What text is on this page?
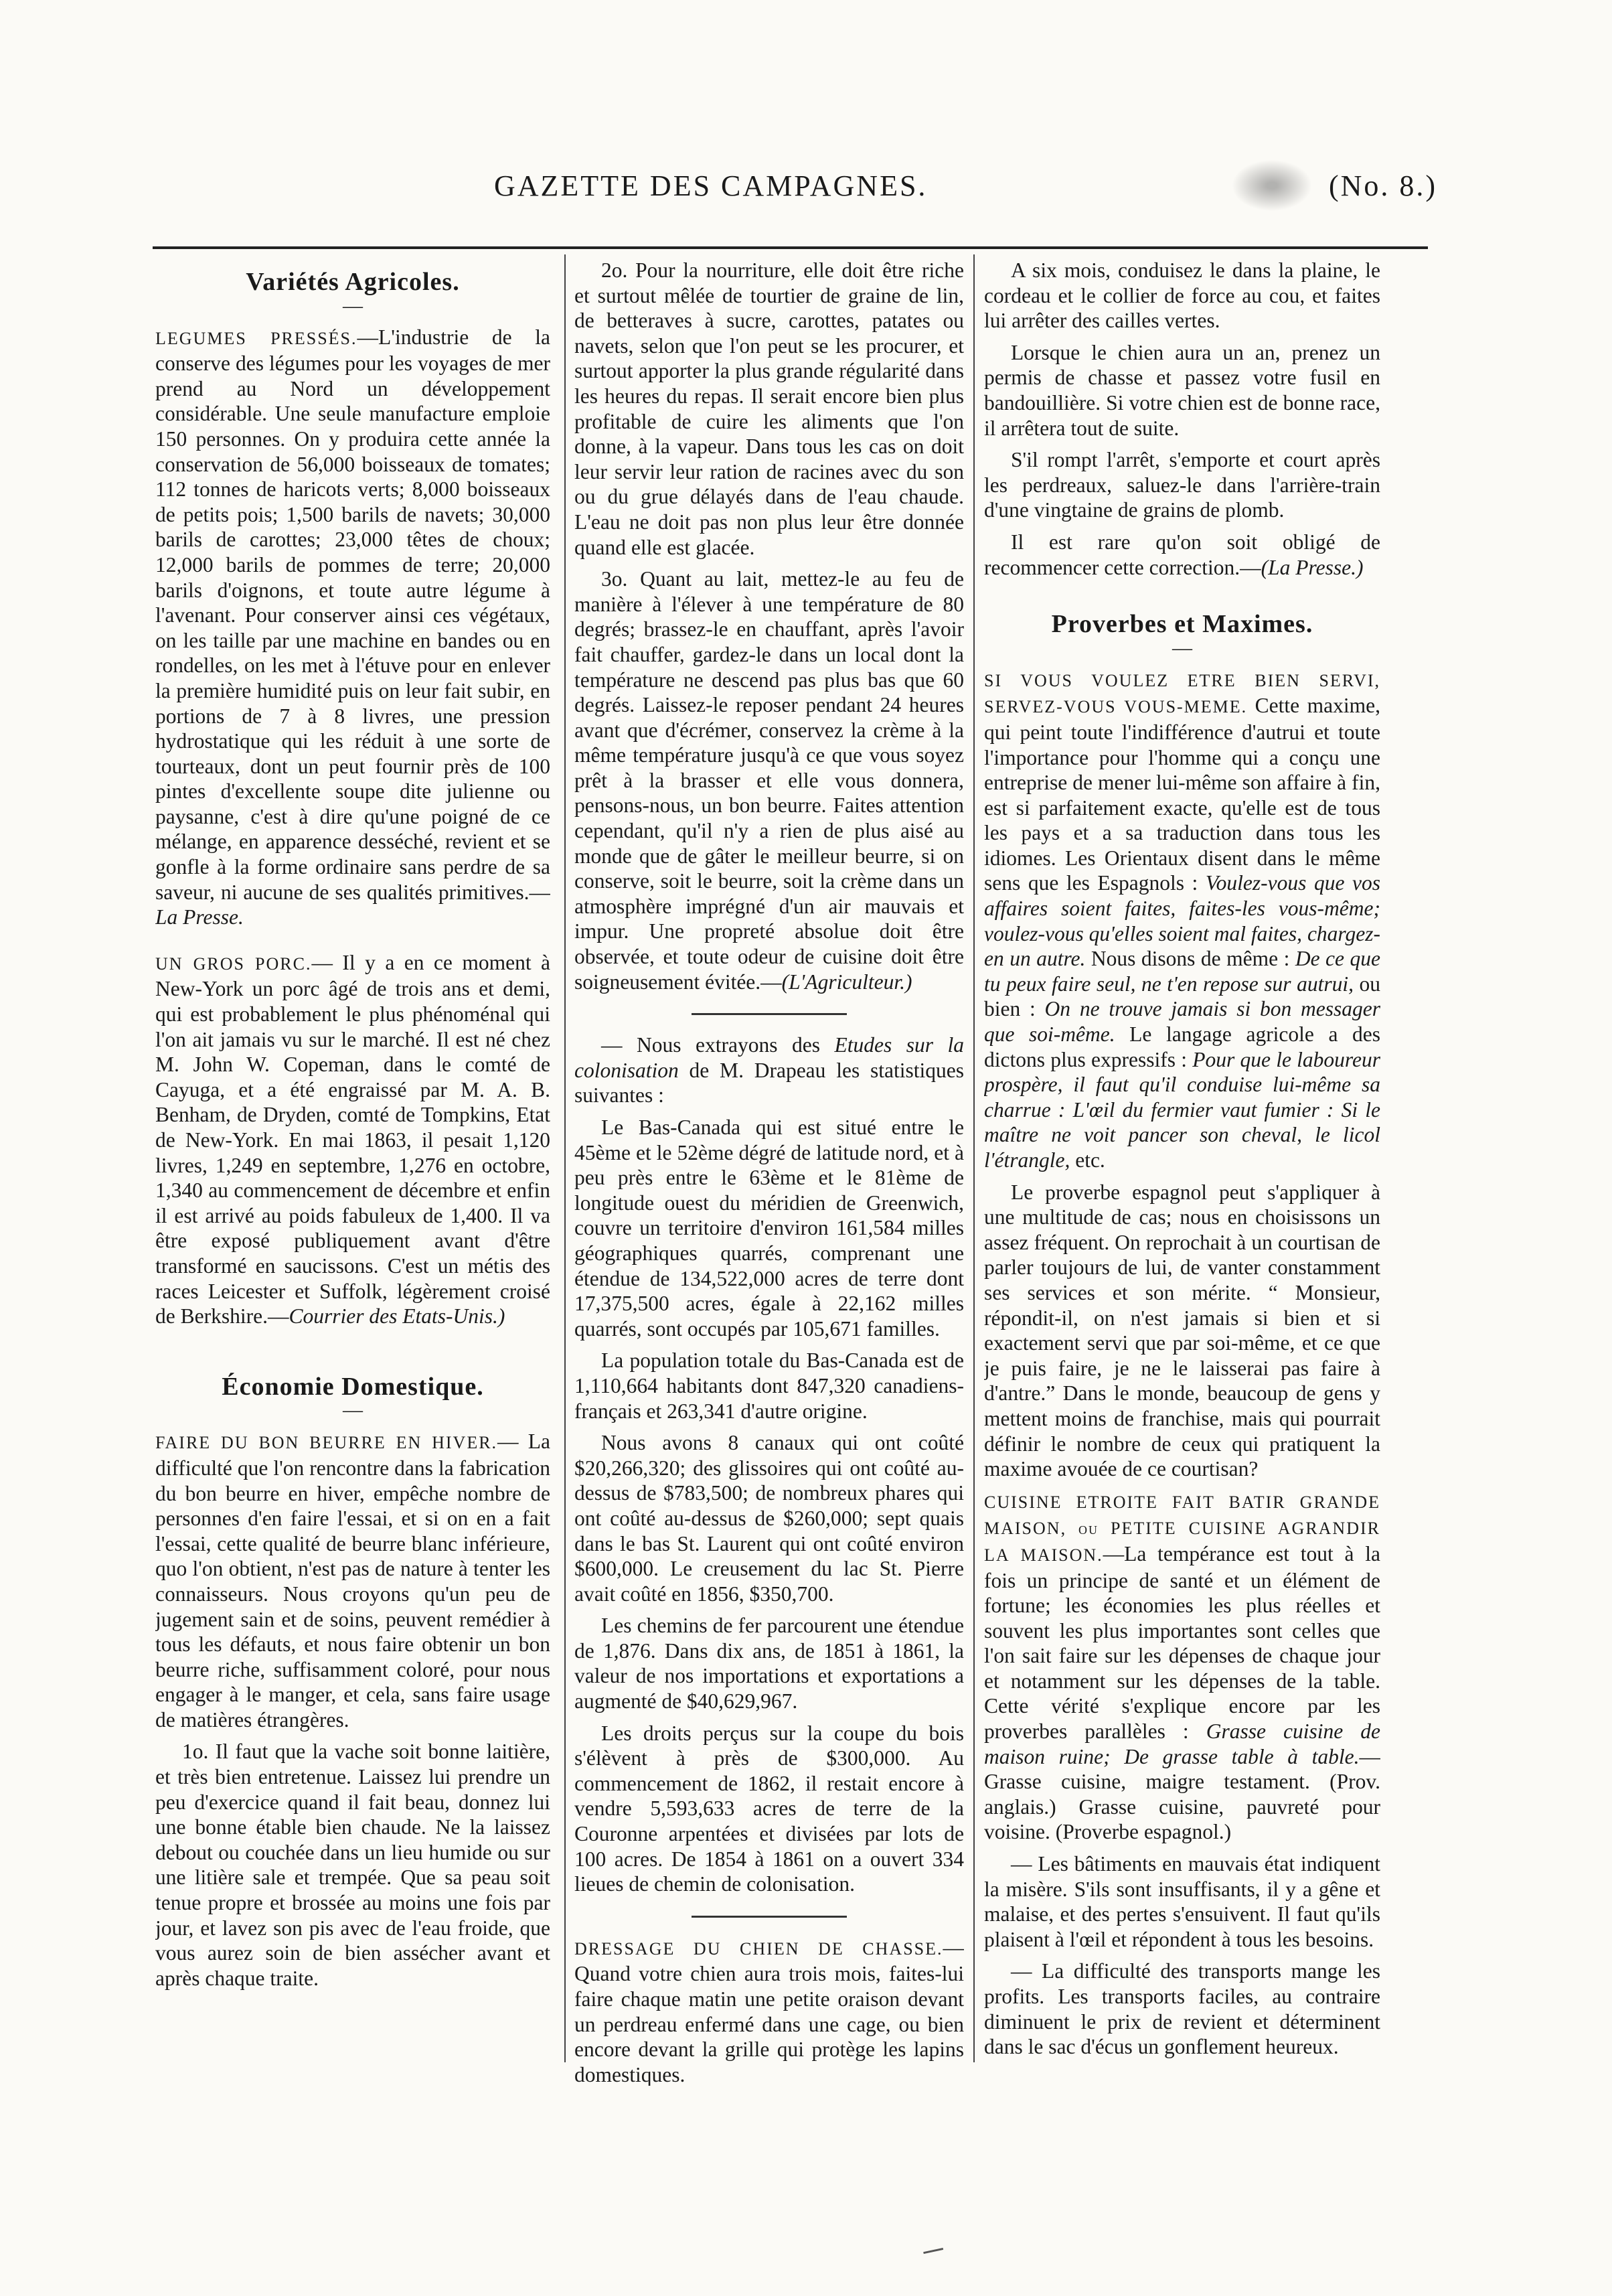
GAZETTE DES CAMPAGNES.	(No. 8.)
Variétés Agricoles.
—

LEGUMES PRESSÉS.—L'industrie de la conserve des légumes pour les voyages de mer prend au Nord un développement considérable. Une seule manufacture emploie 150 personnes. On y produira cette année la conservation de 56,000 boisseaux de tomates; 112 tonnes de haricots verts; 8,000 boisseaux de petits pois; 1,500 barils de navets; 30,000 barils de carottes; 23,000 têtes de choux; 12,000 barils de pommes de terre; 20,000 barils d'oignons, et toute autre légume à l'avenant. Pour conserver ainsi ces végétaux, on les taille par une machine en bandes ou en rondelles, on les met à l'étuve pour en enlever la première humidité puis on leur fait subir, en portions de 7 à 8 livres, une pression hydrostatique qui les réduit à une sorte de tourteaux, dont un peut fournir près de 100 pintes d'excellente soupe dite julienne ou paysanne, c'est à dire qu'une poigné de ce mélange, en apparence desséché, revient et se gonfle à la forme ordinaire sans perdre de sa saveur, ni aucune de ses qualités primitives.—La Presse.

UN GROS PORC.— Il y a en ce moment à New-York un porc âgé de trois ans et demi, qui est probablement le plus phénoménal qui l'on ait jamais vu sur le marché. Il est né chez M. John W. Copeman, dans le comté de Cayuga, et a été engraissé par M. A. B. Benham, de Dryden, comté de Tompkins, Etat de New-York. En mai 1863, il pesait 1,120 livres, 1,249 en septembre, 1,276 en octobre, 1,340 au commencement de décembre et enfin il est arrivé au poids fabuleux de 1,400. Il va être exposé publiquement avant d'être transformé en saucissons. C'est un métis des races Leicester et Suffolk, légèrement croisé de Berkshire.—Courrier des Etats-Unis.)

Économie Domestique.
—

FAIRE DU BON BEURRE EN HIVER.— La difficulté que l'on rencontre dans la fabrication du bon beurre en hiver, empêche nombre de personnes d'en faire l'essai, et si on en a fait l'essai, cette qualité de beurre blanc inférieure, quo l'on obtient, n'est pas de nature à tenter les connaisseurs. Nous croyons qu'un peu de jugement sain et de soins, peuvent remédier à tous les défauts, et nous faire obtenir un bon beurre riche, suffisamment coloré, pour nous engager à le manger, et cela, sans faire usage de matières étrangères.

1o. Il faut que la vache soit bonne laitière, et très bien entretenue. Laissez lui prendre un peu d'exercice quand il fait beau, donnez lui une bonne étable bien chaude. Ne la laissez debout ou couchée dans un lieu humide ou sur une litière sale et trempée. Que sa peau soit tenue propre et brossée au moins une fois par jour, et lavez son pis avec de l'eau froide, que vous aurez soin de bien assécher avant et après chaque traite.

2o. Pour la nourriture, elle doit être riche et surtout mêlée de tourtier de graine de lin, de betteraves à sucre, carottes, patates ou navets, selon que l'on peut se les procurer, et surtout apporter la plus grande régularité dans les heures du repas. Il serait encore bien plus profitable de cuire les aliments que l'on donne, à la vapeur. Dans tous les cas on doit leur servir leur ration de racines avec du son ou du grue délayés dans de l'eau chaude. L'eau ne doit pas non plus leur être donnée quand elle est glacée.

3o. Quant au lait, mettez-le au feu de manière à l'élever à une température de 80 degrés; brassez-le en chauffant, après l'avoir fait chauffer, gardez-le dans un local dont la température ne descend pas plus bas que 60 degrés. Laissez-le reposer pendant 24 heures avant que d'écrémer, conservez la crème à la même température jusqu'à ce que vous soyez prêt à la brasser et elle vous donnera, pensons-nous, un bon beurre. Faites attention cependant, qu'il n'y a rien de plus aisé au monde que de gâter le meilleur beurre, si on conserve, soit le beurre, soit la crème dans un atmosphère imprégné d'un air mauvais et impur. Une propreté absolue doit être observée, et toute odeur de cuisine doit être soigneusement évitée.—(L'Agriculteur.)

— Nous extrayons des Etudes sur la colonisation de M. Drapeau les statistiques suivantes :

Le Bas-Canada qui est situé entre le 45ème et le 52ème dégré de latitude nord, et à peu près entre le 63ème et le 81ème de longitude ouest du méridien de Greenwich, couvre un territoire d'environ 161,584 milles géographiques quarrés, comprenant une étendue de 134,522,000 acres de terre dont 17,375,500 acres, égale à 22,162 milles quarrés, sont occupés par 105,671 familles.

La population totale du Bas-Canada est de 1,110,664 habitants dont 847,320 canadiens-français et 263,341 d'autre origine.

Nous avons 8 canaux qui ont coûté $20,266,320; des glissoires qui ont coûté au-dessus de $783,500; de nombreux phares qui ont coûté au-dessus de $260,000; sept quais dans le bas St. Laurent qui ont coûté environ $600,000. Le creusement du lac St. Pierre avait coûté en 1856, $350,700.

Les chemins de fer parcourent une étendue de 1,876. Dans dix ans, de 1851 à 1861, la valeur de nos importations et exportations a augmenté de $40,629,967.

Les droits perçus sur la coupe du bois s'élèvent à près de $300,000. Au commencement de 1862, il restait encore à vendre 5,593,633 acres de terre de la Couronne arpentées et divisées par lots de 100 acres. De 1854 à 1861 on a ouvert 334 lieues de chemin de colonisation.

DRESSAGE DU CHIEN DE CHASSE.— Quand votre chien aura trois mois, faites-lui faire chaque matin une petite oraison devant un perdreau enfermé dans une cage, ou bien encore devant la grille qui protège les lapins domestiques.

A six mois, conduisez le dans la plaine, le cordeau et le collier de force au cou, et faites lui arrêter des cailles vertes.

Lorsque le chien aura un an, prenez un permis de chasse et passez votre fusil en bandouillière. Si votre chien est de bonne race, il arrêtera tout de suite.

S'il rompt l'arrêt, s'emporte et court après les perdreaux, saluez-le dans l'arrière-train d'une vingtaine de grains de plomb.

Il est rare qu'on soit obligé de recommencer cette correction.—(La Presse.)

Proverbes et Maximes.
—

SI VOUS VOULEZ ETRE BIEN SERVI, SERVEZ-VOUS VOUS-MEME. Cette maxime, qui peint toute l'indifférence d'autrui et toute l'importance pour l'homme qui a conçu une entreprise de mener lui-même son affaire à fin, est si parfaitement exacte, qu'elle est de tous les pays et a sa traduction dans tous les idiomes. Les Orientaux disent dans le même sens que les Espagnols : Voulez-vous que vos affaires soient faites, faites-les vous-même; voulez-vous qu'elles soient mal faites, chargez-en un autre. Nous disons de même : De ce que tu peux faire seul, ne t'en repose sur autrui, ou bien : On ne trouve jamais si bon messager que soi-même. Le langage agricole a des dictons plus expressifs : Pour que le laboureur prospère, il faut qu'il conduise lui-même sa charrue : L'œil du fermier vaut fumier : Si le maître ne voit pancer son cheval, le licol l'étrangle, etc.

Le proverbe espagnol peut s'appliquer à une multitude de cas; nous en choisissons un assez fréquent. On reprochait à un courtisan de parler toujours de lui, de vanter constamment ses services et son mérite. “ Monsieur, répondit-il, on n'est jamais si bien et si exactement servi que par soi-même, et ce que je puis faire, je ne le laisserai pas faire à d'antre.” Dans le monde, beaucoup de gens y mettent moins de franchise, mais qui pourrait définir le nombre de ceux qui pratiquent la maxime avouée de ce courtisan?

CUISINE ETROITE FAIT BATIR GRANDE MAISON, ou PETITE CUISINE AGRANDIR LA MAISON.—La tempérance est tout à la fois un principe de santé et un élément de fortune; les économies les plus réelles et souvent les plus importantes sont celles que l'on sait faire sur les dépenses de chaque jour et notamment sur les dépenses de la table. Cette vérité s'explique encore par les proverbes parallèles : Grasse cuisine de maison ruine; De grasse table à table.—Grasse cuisine, maigre testament. (Prov. anglais.) Grasse cuisine, pauvreté pour voisine. (Proverbe espagnol.)

— Les bâtiments en mauvais état indiquent la misère. S'ils sont insuffisants, il y a gêne et malaise, et des pertes s'ensuivent. Il faut qu'ils plaisent à l'œil et répondent à tous les besoins.

— La difficulté des transports mange les profits. Les transports faciles, au contraire diminuent le prix de revient et déterminent dans le sac d'écus un gonflement heureux.
